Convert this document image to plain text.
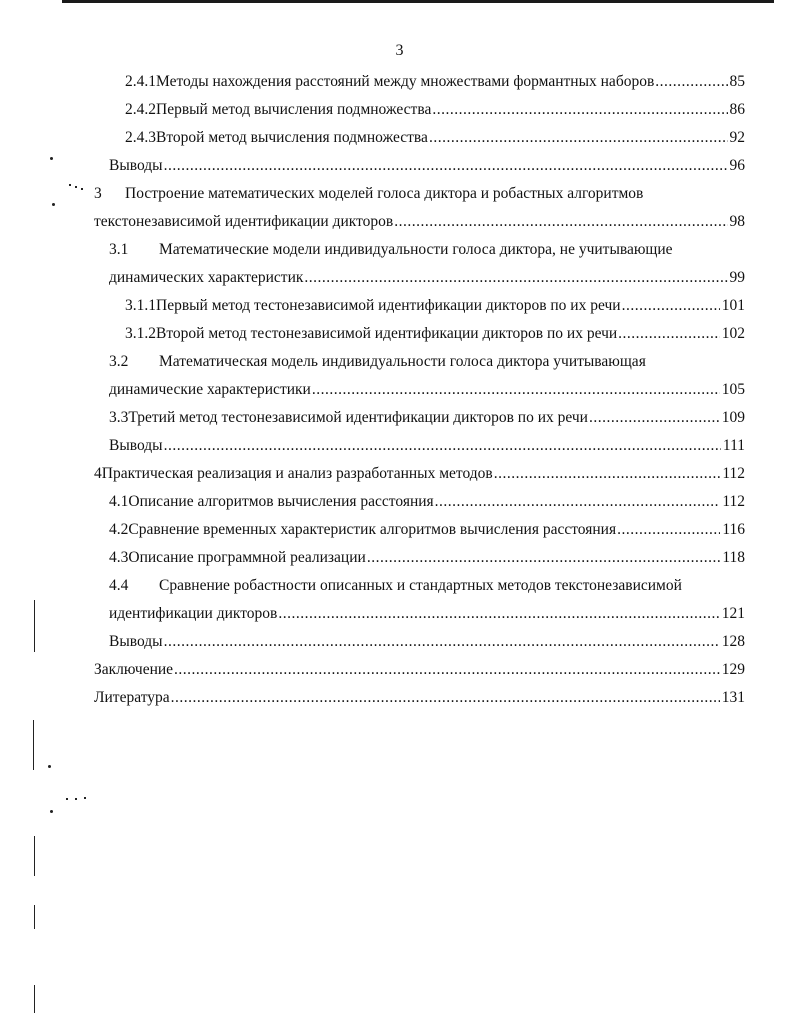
3
2.4.1 Методы нахождения расстояний между множествами формантных наборов .....	85
2.4.2 Первый метод вычисления подмножества .....	86
2.4.3 Второй метод вычисления подмножества .....	92
Выводы .....	96
3	Построение математических моделей голоса диктора и робастных алгоритмов
текстонезависимой идентификации дикторов .....	98
3.1	Математические модели индивидуальности голоса диктора, не учитывающие
динамических характеристик .....	99
3.1.1 Первый метод тестонезависимой идентификации дикторов по их речи .....	101
3.1.2 Второй метод тестонезависимой идентификации дикторов по их речи .....	102
3.2	Математическая модель индивидуальности голоса диктора учитывающая
динамические характеристики .....	105
3.3 Третий метод тестонезависимой идентификации дикторов по их речи .....	109
Выводы .....	111
4 Практическая реализация и анализ разработанных методов .....	112
4.1 Описание алгоритмов вычисления расстояния .....	112
4.2 Сравнение временных характеристик алгоритмов вычисления расстояния .....	116
4.3 Описание программной реализации .....	118
4.4	Сравнение робастности описанных и стандартных методов текстонезависимой
идентификации дикторов .....	121
Выводы .....	128
Заключение .....	129
Литература .....	131
